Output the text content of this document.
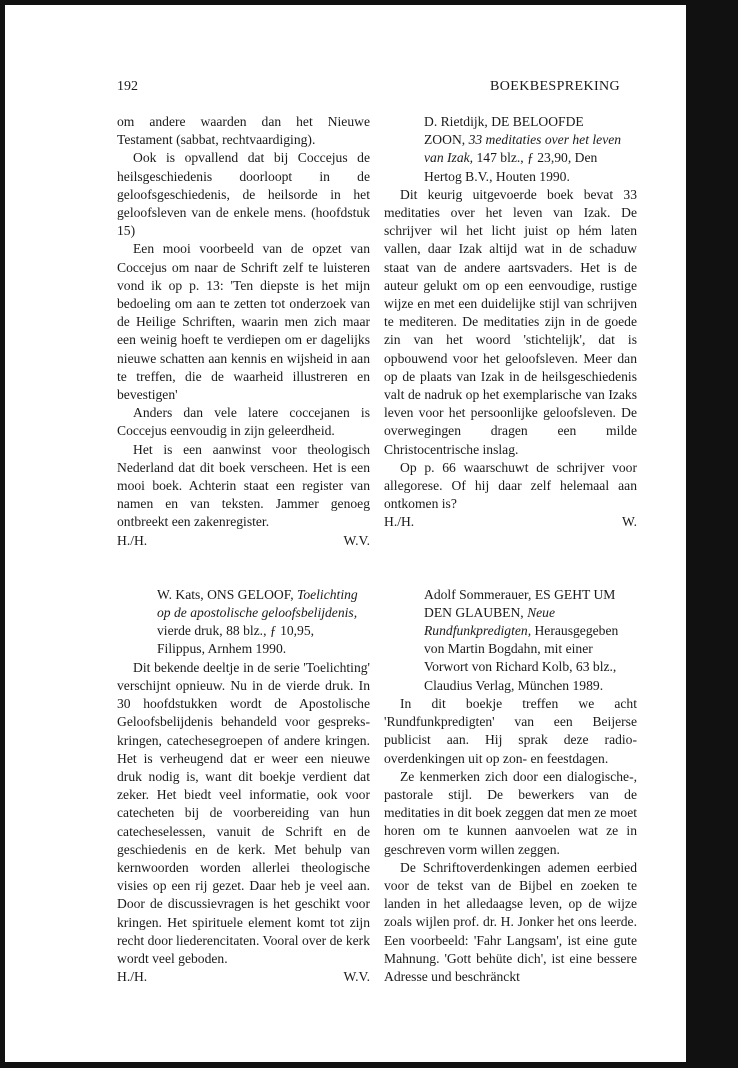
192	BOEKBESPREKING

om andere waarden dan het Nieuwe Testament (sabbat, rechtvaardiging).

Ook is opvallend dat bij Coccejus de heilsgeschiedenis doorloopt in de geloofsgeschiedenis, de heilsorde in het geloofsleven van de enkele mens. (hoofdstuk 15)

Een mooi voorbeeld van de opzet van Coccejus om naar de Schrift zelf te luisteren vond ik op p. 13: 'Ten diepste is het mijn bedoeling om aan te zetten tot onderzoek van de Heilige Schriften, waarin men zich maar een weinig hoeft te verdiepen om er dagelijks nieuwe schatten aan kennis en wijsheid in aan te treffen, die de waarheid illustreren en bevestigen'

Anders dan vele latere coccejanen is Coccejus eenvoudig in zijn geleerdheid.

Het is een aanwinst voor theologisch Nederland dat dit boek verscheen. Het is een mooi boek. Achterin staat een register van namen en van teksten. Jammer genoeg ontbreekt een zakenregister.

H./H.	W.V.

W. Kats, ONS GELOOF, Toelichting op de apostolische geloofsbelijdenis, vierde druk, 88 blz., ƒ 10,95, Filippus, Arnhem 1990.

Dit bekende deeltje in de serie 'Toelichting' verschijnt opnieuw. Nu in de vierde druk. In 30 hoofdstukken wordt de Apostolische Geloofsbelijdenis behandeld voor gesprekskringen, catechesegroepen of andere kringen. Het is verheugend dat er weer een nieuwe druk nodig is, want dit boekje verdient dat zeker. Het biedt veel informatie, ook voor catecheten bij de voorbereiding van hun catecheselessen, vanuit de Schrift en de geschiedenis en de kerk. Met behulp van kernwoorden worden allerlei theologische visies op een rij gezet. Daar heb je veel aan. Door de discussievragen is het geschikt voor kringen. Het spirituele element komt tot zijn recht door liederencitaten. Vooral over de kerk wordt veel geboden.

H./H.	W.V.

D. Rietdijk, DE BELOOFDE ZOON, 33 meditaties over het leven van Izak, 147 blz., ƒ 23,90, Den Hertog B.V., Houten 1990.

Dit keurig uitgevoerde boek bevat 33 meditaties over het leven van Izak. De schrijver wil het licht juist op hém laten vallen, daar Izak altijd wat in de schaduw staat van de andere aartsvaders. Het is de auteur gelukt om op een eenvoudige, rustige wijze en met een duidelijke stijl van schrijven te mediteren. De meditaties zijn in de goede zin van het woord 'stichtelijk', dat is opbouwend voor het geloofsleven. Meer dan op de plaats van Izak in de heilsgeschiedenis valt de nadruk op het exemplarische van Izaks leven voor het persoonlijke geloofsleven. De overwegingen dragen een milde Christocentrische inslag.

Op p. 66 waarschuwt de schrijver voor allegorese. Of hij daar zelf helemaal aan ontkomen is?

H./H.	W.

Adolf Sommerauer, ES GEHT UM DEN GLAUBEN, Neue Rundfunkpredigten, Herausgegeben von Martin Bogdahn, mit einer Vorwort von Richard Kolb, 63 blz., Claudius Verlag, München 1989.

In dit boekje treffen we acht 'Rundfunkpredigten' van een Beijerse publicist aan. Hij sprak deze radio-overdenkingen uit op zon- en feestdagen.

Ze kenmerken zich door een dialogische-, pastorale stijl. De bewerkers van de meditaties in dit boek zeggen dat men ze moet horen om te kunnen aanvoelen wat ze in geschreven vorm willen zeggen.

De Schriftoverdenkingen ademen eerbied voor de tekst van de Bijbel en zoeken te landen in het alledaagse leven, op de wijze zoals wijlen prof. dr. H. Jonker het ons leerde. Een voorbeeld: 'Fahr Langsam', ist eine gute Mahnung. 'Gott behüte dich', ist eine bessere Adresse und beschränckt
